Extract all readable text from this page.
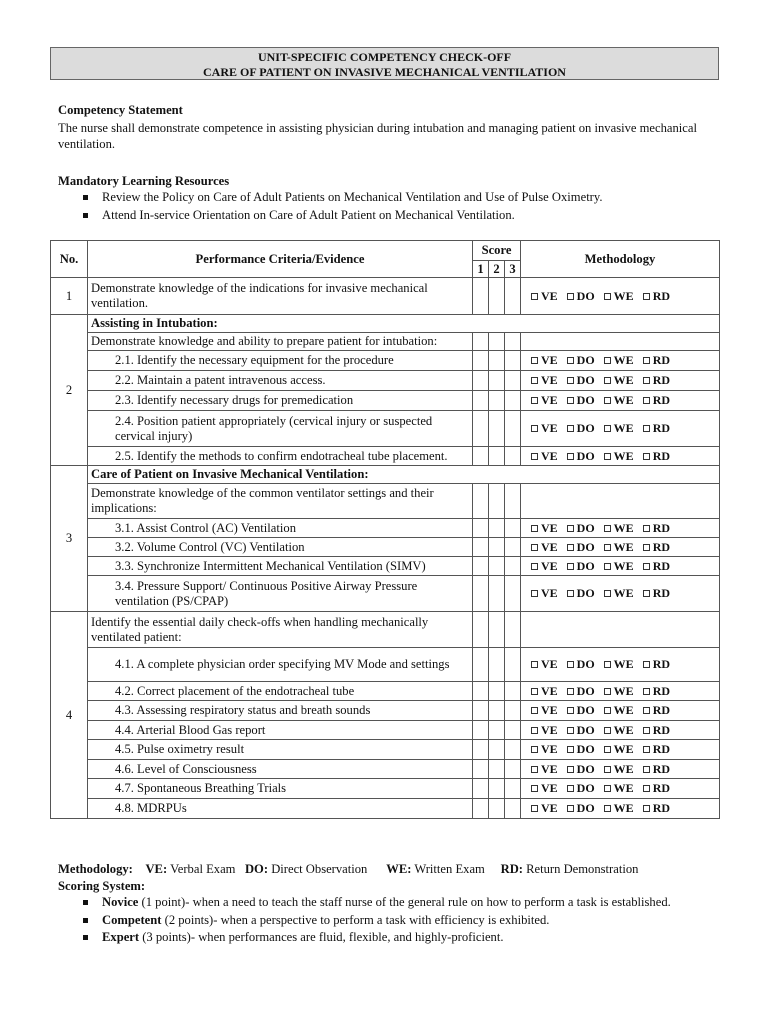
UNIT-SPECIFIC COMPETENCY CHECK-OFF
CARE OF PATIENT ON INVASIVE MECHANICAL VENTILATION
Competency Statement
The nurse shall demonstrate competence in assisting physician during intubation and managing patient on invasive mechanical ventilation.
Mandatory Learning Resources
Review the Policy on Care of Adult Patients on Mechanical Ventilation and Use of Pulse Oximetry.
Attend In-service Orientation on Care of Adult Patient on Mechanical Ventilation.
No.	Performance Criteria/Evidence	Score			Methodology
		1	2	3	
1	Demonstrate knowledge of the indications for invasive mechanical ventilation.				VE DO WE RD
2	Assisting in Intubation:				
	Demonstrate knowledge and ability to prepare patient for intubation:				
	2.1. Identify the necessary equipment for the procedure				VE DO WE RD
	2.2. Maintain a patent intravenous access.				VE DO WE RD
	2.3. Identify necessary drugs for premedication				VE DO WE RD
	2.4. Position patient appropriately (cervical injury or suspected cervical injury)				VE DO WE RD
	2.5. Identify the methods to confirm endotracheal tube placement.				VE DO WE RD
3	Care of Patient on Invasive Mechanical Ventilation:				
	Demonstrate knowledge of the common ventilator settings and their implications:				
	3.1. Assist Control (AC) Ventilation				VE DO WE RD
	3.2. Volume Control (VC) Ventilation				VE DO WE RD
	3.3. Synchronize Intermittent Mechanical Ventilation (SIMV)				VE DO WE RD
	3.4. Pressure Support/ Continuous Positive Airway Pressure ventilation (PS/CPAP)				VE DO WE RD
4	Identify the essential daily check-offs when handling mechanically ventilated patient:				
	4.1. A complete physician order specifying MV Mode and settings				VE DO WE RD
	4.2. Correct placement of the endotracheal tube				VE DO WE RD
	4.3. Assessing respiratory status and breath sounds				VE DO WE RD
	4.4. Arterial Blood Gas report				VE DO WE RD
	4.5. Pulse oximetry result				VE DO WE RD
	4.6. Level of Consciousness				VE DO WE RD
	4.7. Spontaneous Breathing Trials				VE DO WE RD
	4.8. MDRPUs				VE DO WE RD
Methodology: VE: Verbal Exam DO: Direct Observation WE: Written Exam RD: Return Demonstration
Scoring System:
Novice (1 point)- when a need to teach the staff nurse of the general rule on how to perform a task is established.
Competent (2 points)- when a perspective to perform a task with efficiency is exhibited.
Expert (3 points)- when performances are fluid, flexible, and highly-proficient.
